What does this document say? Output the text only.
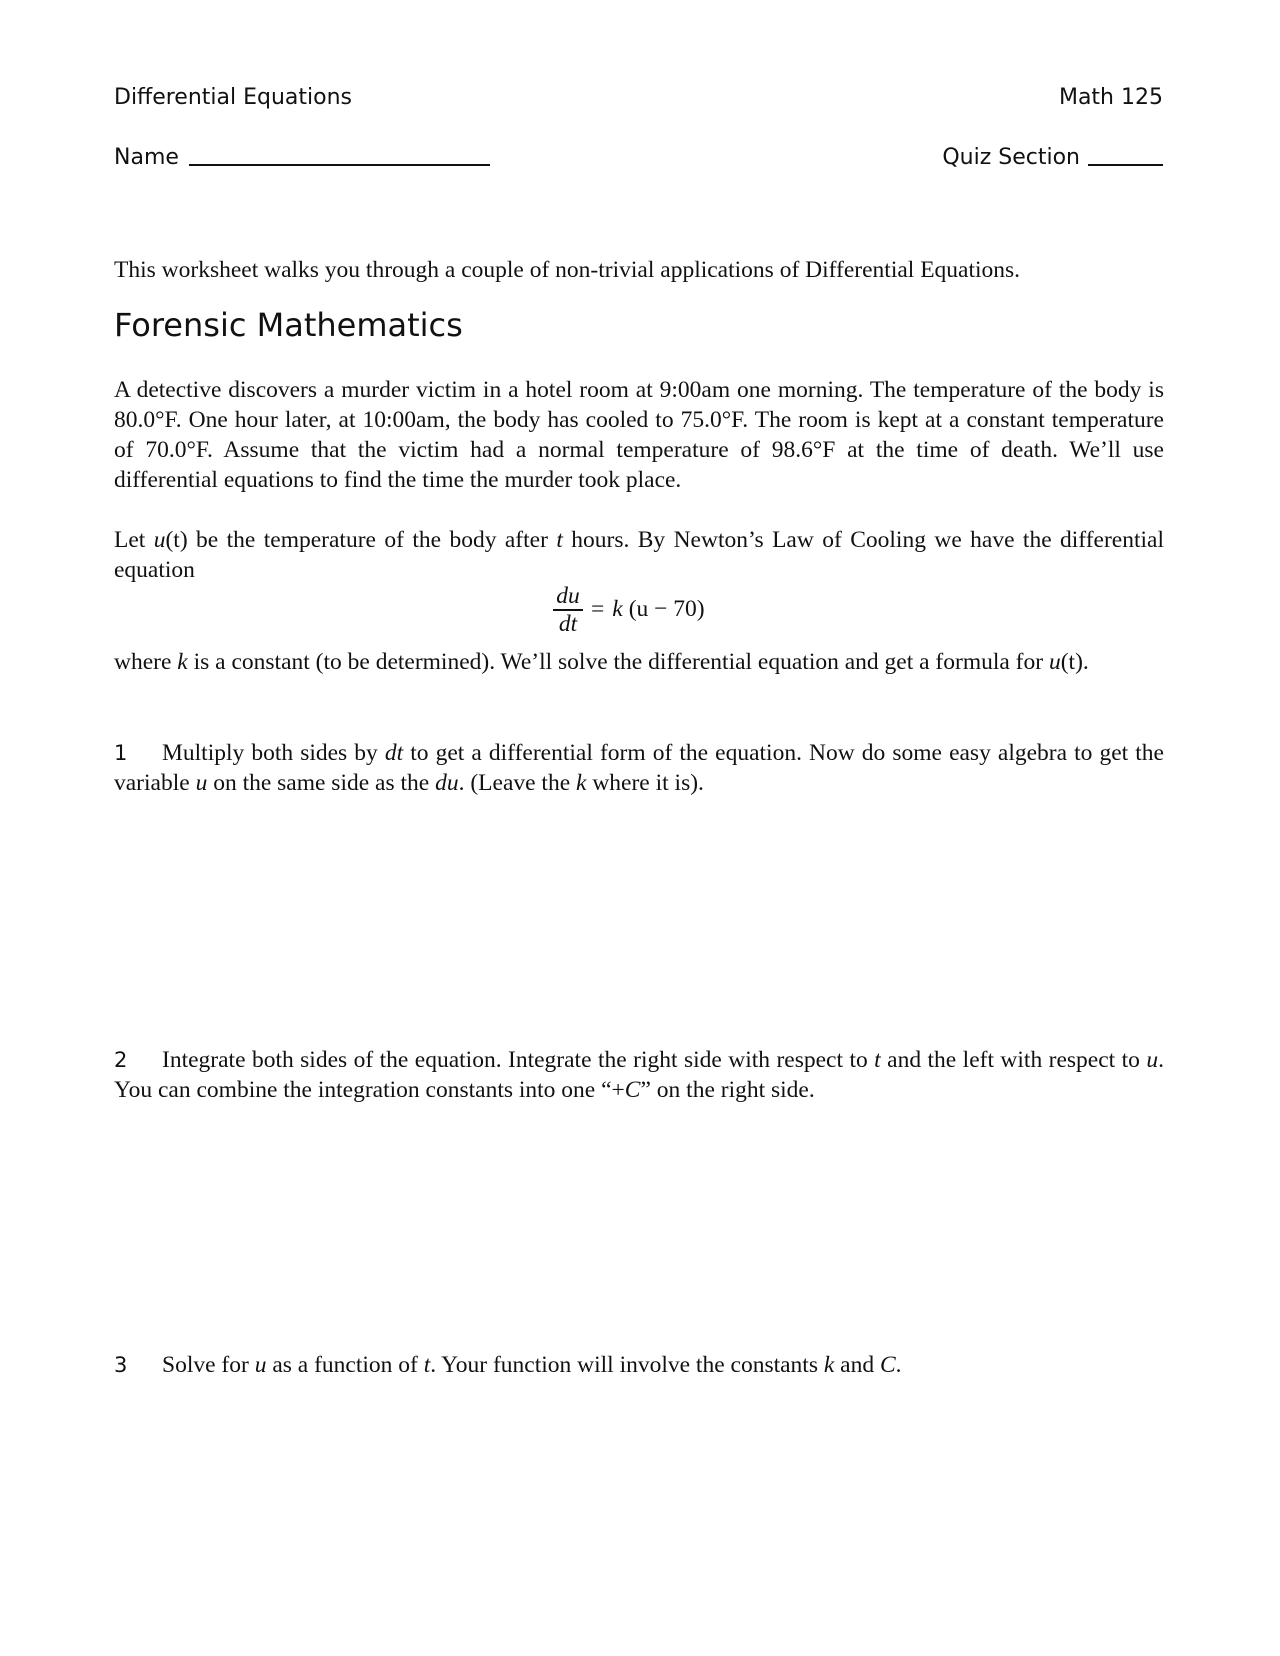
Differential Equations	Math 125
Name	Quiz Section
This worksheet walks you through a couple of non-trivial applications of Differential Equations.
Forensic Mathematics
A detective discovers a murder victim in a hotel room at 9:00am one morning. The temperature of the body is 80.0°F. One hour later, at 10:00am, the body has cooled to 75.0°F. The room is kept at a constant temperature of 70.0°F. Assume that the victim had a normal temperature of 98.6°F at the time of death. We’ll use differential equations to find the time the murder took place.
Let u(t) be the temperature of the body after t hours. By Newton’s Law of Cooling we have the differential equation
$\frac{du}{dt} = k$ (u − 70)
where k is a constant (to be determined). We’ll solve the differential equation and get a formula for u(t).
1 Multiply both sides by dt to get a differential form of the equation. Now do some easy algebra to get the variable u on the same side as the du. (Leave the k where it is).
2 Integrate both sides of the equation. Integrate the right side with respect to t and the left with respect to u. You can combine the integration constants into one “+C” on the right side.
3 Solve for u as a function of t. Your function will involve the constants k and C.
